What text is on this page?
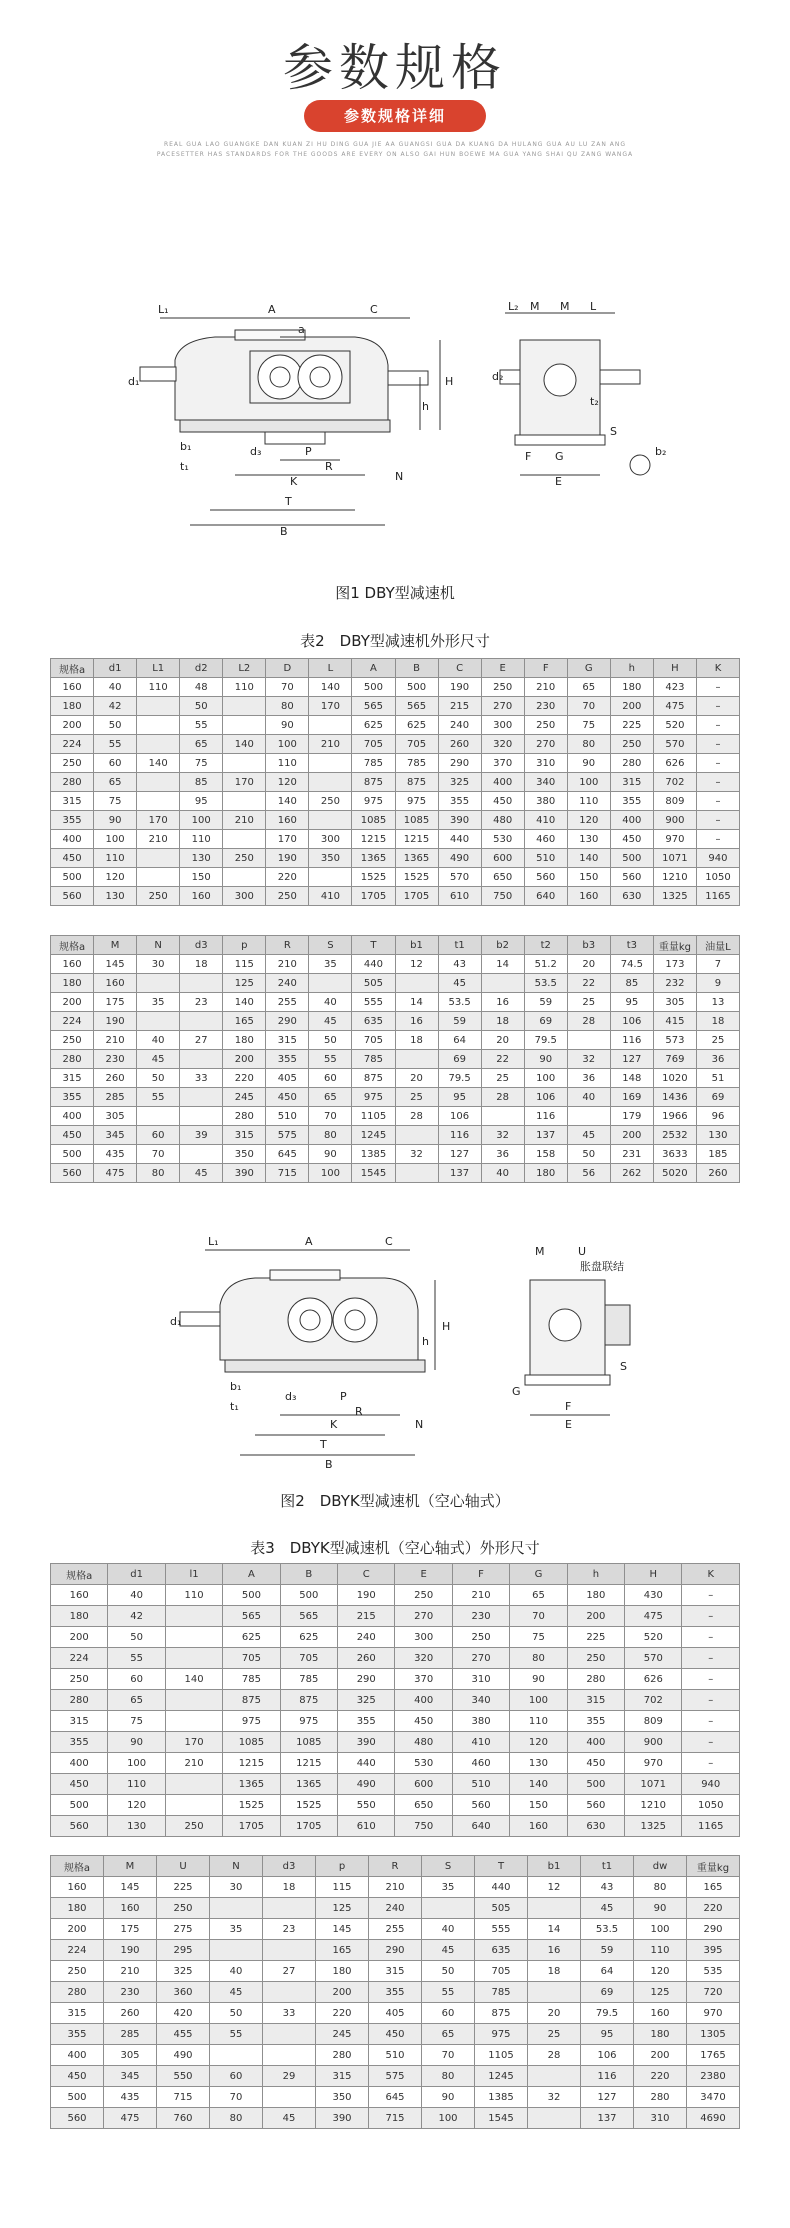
参数规格
参数规格详细
REAL GUA LAO GUANGKE DAN KUAN ZI HU DING GUA JIE AA GUANGSI GUA DA KUANG DA HULANG GUA AU LU ZAN ANG
PACESETTER HAS STANDARDS FOR THE GOODS ARE EVERY ON ALSO GAI HUN BOEWE MA GUA YANG SHAI QU ZANG WANGA
L₁	A	C
a
d₁	H
h
b₁
t₁
d₃	P
R
K
T
B
N
L₂ M M L
d₂
t₂
b₂
S
G
E
F
图1 DBY型减速机
表2　DBY型减速机外形尺寸
规格a	d1	L1	d2	L2	D	L	A	B	C	E	F	G	h	H	K
160	40	110	48	110	70	140	500	500	190	250	210	65	180	423	–
180	42		50		80	170	565	565	215	270	230	70	200	475	–
200	50		55		90		625	625	240	300	250	75	225	520	–
224	55		65	140	100	210	705	705	260	320	270	80	250	570	–
250	60	140	75		110		785	785	290	370	310	90	280	626	–
280	65		85	170	120		875	875	325	400	340	100	315	702	–
315	75		95		140	250	975	975	355	450	380	110	355	809	–
355	90	170	100	210	160		1085	1085	390	480	410	120	400	900	–
400	100	210	110		170	300	1215	1215	440	530	460	130	450	970	–
450	110		130	250	190	350	1365	1365	490	600	510	140	500	1071	940
500	120		150		220		1525	1525	570	650	560	150	560	1210	1050
560	130	250	160	300	250	410	1705	1705	610	750	640	160	630	1325	1165
规格a	M	N	d3	p	R	S	T	b1	t1	b2	t2	b3	t3	重量kg	油量L
160	145	30	18	115	210	35	440	12	43	14	51.2	20	74.5	173	7
180	160			125	240		505		45		53.5	22	85	232	9
200	175	35	23	140	255	40	555	14	53.5	16	59	25	95	305	13
224	190			165	290	45	635	16	59	18	69	28	106	415	18
250	210	40	27	180	315	50	705	18	64	20	79.5		116	573	25
280	230	45		200	355	55	785		69	22	90	32	127	769	36
315	260	50	33	220	405	60	875	20	79.5	25	100	36	148	1020	51
355	285	55		245	450	65	975	25	95	28	106	40	169	1436	69
400	305			280	510	70	1105	28	106		116		179	1966	96
450	345	60	39	315	575	80	1245		116	32	137	45	200	2532	130
500	435	70		350	645	90	1385	32	127	36	158	50	231	3633	185
560	475	80	45	390	715	100	1545		137	40	180	56	262	5020	260
L₁	A	C
d₁	H
h
b₁
t₁
d₃	P
R
K
T
B
N
M	U
胀盘联结
S
G
F
E
图2　DBYK型减速机（空心轴式）
表3　DBYK型减速机（空心轴式）外形尺寸
规格a	d1	l1	A	B	C	E	F	G	h	H	K
160	40	110	500	500	190	250	210	65	180	430	–
180	42		565	565	215	270	230	70	200	475	–
200	50		625	625	240	300	250	75	225	520	–
224	55		705	705	260	320	270	80	250	570	–
250	60	140	785	785	290	370	310	90	280	626	–
280	65		875	875	325	400	340	100	315	702	–
315	75		975	975	355	450	380	110	355	809	–
355	90	170	1085	1085	390	480	410	120	400	900	–
400	100	210	1215	1215	440	530	460	130	450	970	–
450	110		1365	1365	490	600	510	140	500	1071	940
500	120		1525	1525	550	650	560	150	560	1210	1050
560	130	250	1705	1705	610	750	640	160	630	1325	1165
规格a	M	U	N	d3	p	R	S	T	b1	t1	dw	重量kg
160	145	225	30	18	115	210	35	440	12	43	80	165
180	160	250			125	240		505		45	90	220
200	175	275	35	23	145	255	40	555	14	53.5	100	290
224	190	295			165	290	45	635	16	59	110	395
250	210	325	40	27	180	315	50	705	18	64	120	535
280	230	360	45		200	355	55	785		69	125	720
315	260	420	50	33	220	405	60	875	20	79.5	160	970
355	285	455	55		245	450	65	975	25	95	180	1305
400	305	490			280	510	70	1105	28	106	200	1765
450	345	550	60	29	315	575	80	1245		116	220	2380
500	435	715	70		350	645	90	1385	32	127	280	3470
560	475	760	80	45	390	715	100	1545		137	310	4690
